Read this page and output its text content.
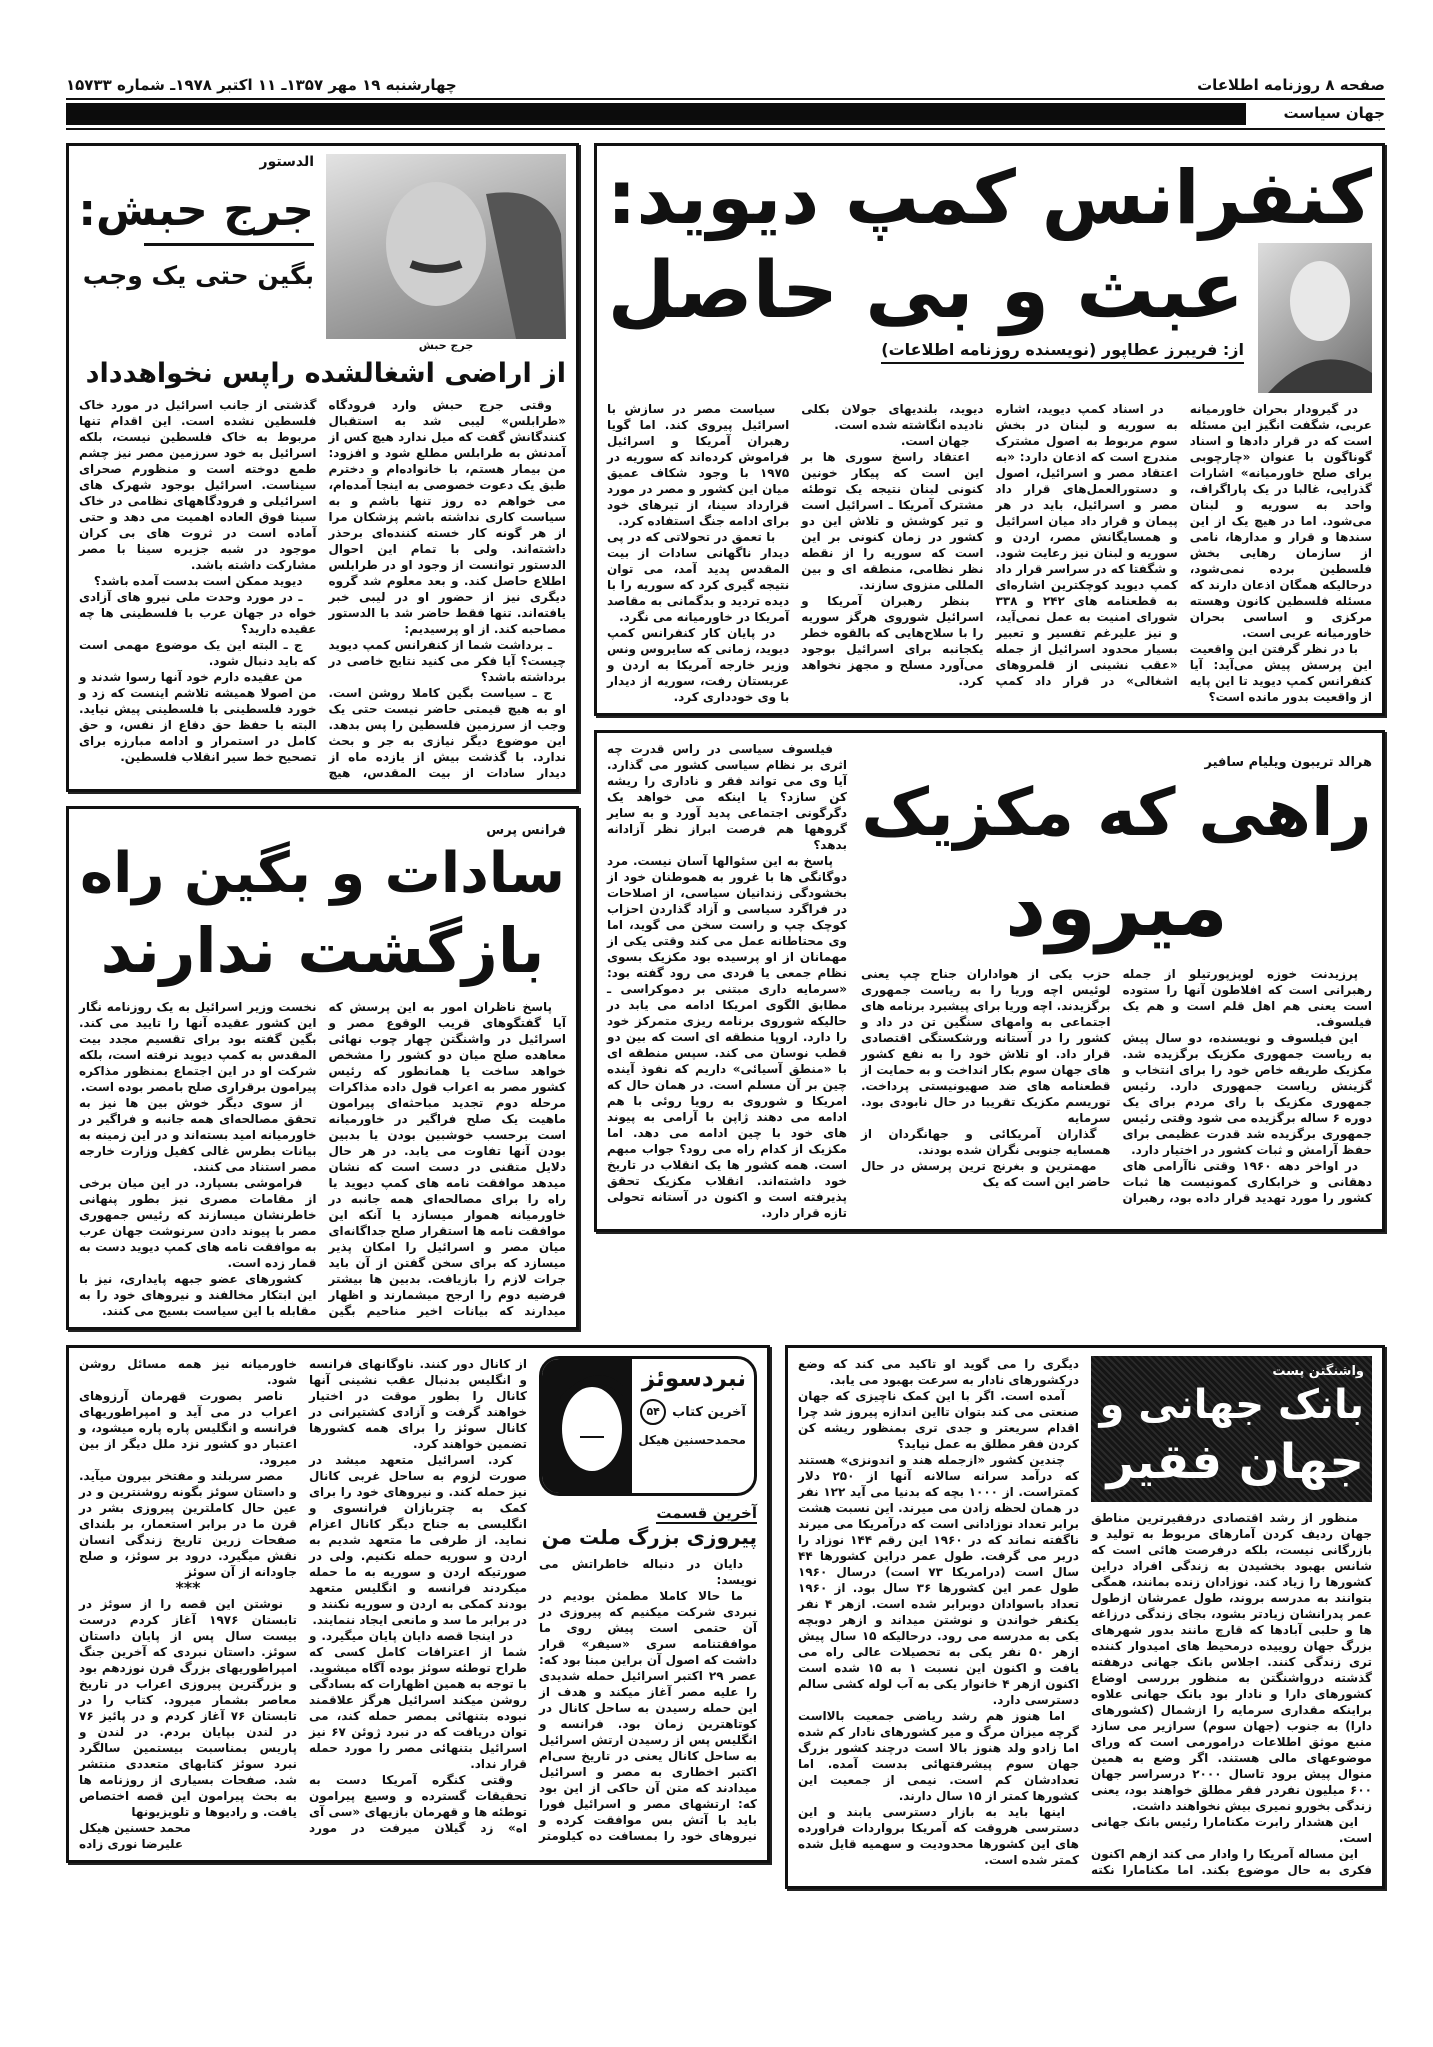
صفحه ۸ روزنامه اطلاعات
چهارشنبه ۱۹ مهر ۱۳۵۷ـ ۱۱ اکتبر ۱۹۷۸ـ شماره ۱۵۷۳۳
جهان سیاست
کنفرانس کمپ دیوید:
عبث و بی حاصل
از: فریبرز عطاپور (نویسنده روزنامه اطلاعات)

در گیرودار بحران خاورمیانه عربی، شگفت انگیز این مسئله است که در قرار دادها و اسناد گوناگون با عنوان «چارچوبی برای صلح خاورمیانه» اشارات گذرایی، غالبا در یک پاراگراف، واحد به سوریه و لبنان می‌شود. اما در هیچ یک از این سندها و قرار و مدارها، نامی از سازمان رهایی بخش فلسطین برده نمی‌شود، درحالیکه همگان اذعان دارند که مسئله فلسطین کانون وهسته مرکزی و اساسی بحران خاورمیانه عربی است.

با در نظر گرفتن این واقعیت این پرسش پیش می‌آید: آیا کنفرانس کمپ دیوید تا این پایه از واقعیت بدور مانده است؟

در اسناد کمپ دیوید، اشاره به سوریه و لبنان در بخش سوم مربوط به اصول مشترک مندرج است که اذعان دارد: «به اعتقاد مصر و اسرائیل، اصول و دستورالعمل‌های قرار داد مصر و اسرائیل، باید در هر پیمان و قرار داد میان اسرائیل و همسایگانش مصر، اردن و سوریه و لبنان نیز رعایت شود. و شگفتا که در سراسر قرار داد کمپ دیوید کوچکترین اشاره‌ای به قطعنامه های ۲۴۲ و ۳۳۸ شورای امنیت به عمل نمی‌آید، و نیز علیرغم تفسیر و تعبیر بسیار محدود اسرائیل از جمله «عقب نشینی از قلمروهای اشغالی» در قرار داد کمپ دیوید، بلندیهای جولان بکلی نادیده انگاشته شده است.

جهان است.

اعتقاد راسخ سوری ها بر این است که پیکار خونین کنونی لبنان نتیجه یک توطئه مشترک آمریکا ـ اسرائیل است و تیر کوشش و تلاش این دو کشور در زمان کنونی بر این است که سوریه را از نقطه نظر نظامی، منطقه ای و بین المللی منزوی سازند.

بنظر رهبران آمریکا و اسرائیل شوروی هرگز سوریه را با سلاح‌هایی که بالقوه خطر یکجانبه برای اسرائیل بوجود می‌آورد مسلح و مجهز نخواهد کرد.

سیاست مصر در سازش با اسرائیل پیروی کند. اما گویا رهبران آمریکا و اسرائیل فراموش کرده‌اند که سوریه در ۱۹۷۵ با وجود شکاف عمیق میان این کشور و مصر در مورد قرارداد سینا، از تیرهای خود برای ادامه جنگ استفاده کرد.

با تعمق در تحولاتی که در پی دیدار ناگهانی سادات از بیت المقدس پدید آمد، می توان نتیجه گیری کرد که سوریه را با دیده تردید و بدگمانی به مقاصد آمریکا در خاورمیانه می نگرد.

در پایان کار کنفرانس کمپ دیوید، زمانی که سایروس ونس وزیر خارجه آمریکا به اردن و عربستان رفت، سوریه از دیدار با وی خودداری کرد.

هرالد تریبون ویلیام سافیر
راهی که مکزیک
میرود

پرزیدنت خوزه لوپزپورتیلو از جمله رهبرانی است که افلاطون آنها را ستوده است یعنی هم اهل قلم است و هم یک فیلسوف.

این فیلسوف و نویسنده، دو سال پیش به ریاست جمهوری مکزیک برگزیده شد. مکزیک طریقه خاص خود را برای انتخاب و گزینش ریاست جمهوری دارد. رئیس جمهوری مکزیک با رای مردم برای یک دوره ۶ ساله برگزیده می شود وقتی رئیس جمهوری برگزیده شد قدرت عظیمی برای حفظ آرامش و ثبات کشور در اختیار دارد.

در اواخر دهه ۱۹۶۰ وقتی ناآرامی های دهقانی و خرابکاری کمونیست ها ثبات کشور را مورد تهدید قرار داده بود، رهبران حزب یکی از هواداران جناح چپ یعنی لوئیس اچه وریا را به ریاست جمهوری برگزیدند. اچه وریا برای پیشبرد برنامه های اجتماعی به وامهای سنگین تن در داد و کشور را در آستانه ورشکستگی اقتصادی قرار داد. او تلاش خود را به نفع کشور های جهان سوم بکار انداخت و به حمایت از قطعنامه های ضد صهیونیستی پرداخت. توریسم مکزیک تقریبا در حال نابودی بود. سرمایه

گذاران آمریکائی و جهانگردان از همسایه جنوبی نگران شده بودند.

مهمترین و بغرنج ترین پرسش در حال حاضر این است که یک

فیلسوف سیاسی در راس قدرت چه اثری بر نظام سیاسی کشور می گذارد. آیا وی می تواند فقر و ناداری را ریشه کن سازد؟ یا اینکه می خواهد یک دگرگونی اجتماعی پدید آورد و به سایر گروهها هم فرصت ابراز نظر آزادانه بدهد؟

پاسخ به این سئوالها آسان نیست. مرد دوگانگی ها با غرور به هموطنان خود از بخشودگی زندانیان سیاسی، از اصلاحات در فراگرد سیاسی و آزاد گذاردن احزاب کوچک چپ و راست سخن می گوید، اما وی محتاطانه عمل می کند وقتی یکی از مهمانان از او پرسیده بود مکزیک بسوی نظام جمعی یا فردی می رود گفته بود: «سرمایه داری مبتنی بر دموکراسی ـ مطابق الگوی امریکا ادامه می یابد در حالیکه شوروی برنامه ریزی متمرکز خود را دارد. اروپا منطقه ای است که بین دو قطب نوسان می کند. سپس منطقه ای با «منطق آسیائی» داریم که نفوذ آینده چین بر آن مسلم است. در همان حال که امریکا و شوروی به رویا روئی با هم ادامه می دهند ژاپن با آرامی به پیوند های خود با چین ادامه می دهد. اما مکزیک از کدام راه می رود؟ جواب مبهم است. همه کشور ها یک انقلاب در تاریخ خود داشته‌اند. انقلاب مکزیک تحقق پذیرفته است و اکنون در آستانه تحولی تازه قرار دارد.

جرج حبش
الدستور
جرج حبش:
بگین حتی یک وجب
از اراضی اشغالشده راپس نخواهدداد

وقتی جرج حبش وارد فرودگاه «طرابلس» لیبی شد به استقبال کنندگانش گفت که میل ندارد هیچ کس از آمدنش به طرابلس مطلع شود و افزود: من بیمار هستم، با خانواده‌ام و دخترم طبق یک دعوت خصوصی به اینجا آمده‌ام، می خواهم ده روز تنها باشم و به سیاست کاری نداشته باشم پزشکان مرا از هر گونه کار خسته کننده‌ای برحذر داشته‌اند. ولی با تمام این احوال الدستور توانست از وجود او در طرابلس اطلاع حاصل کند. و بعد معلوم شد گروه دیگری نیز از حضور او در لیبی خبر یافته‌اند. تنها فقط حاضر شد با الدستور مصاحبه کند. از او پرسیدیم:

ـ برداشت شما از کنفرانس کمپ دیوید چیست؟ آیا فکر می کنید نتایج خاصی در برداشته باشد؟

ج ـ سیاست بگین کاملا روشن است. او به هیچ قیمتی حاضر نیست حتی یک وجب از سرزمین فلسطین را پس بدهد. این موضوع دیگر نیازی به جر و بحث ندارد. با گذشت بیش از یازده ماه از دیدار سادات از بیت المقدس، هیچ گذشتی از جانب اسرائیل در مورد خاک فلسطین نشده است. این اقدام تنها مربوط به خاک فلسطین نیست، بلکه اسرائیل به خود سرزمین مصر نیز چشم طمع دوخته است و منظورم صحرای سیناست. اسرائیل بوجود شهرک های اسرائیلی و فرودگاههای نظامی در خاک سینا فوق العاده اهمیت می دهد و حتی آماده است در ثروت های بی کران موجود در شبه جزیره سینا با مصر مشارکت داشته باشد.

دیوید ممکن است بدست آمده باشد؟

ـ در مورد وحدت ملی نیرو های آزادی خواه در جهان عرب با فلسطینی ها چه عقیده دارید؟

ج ـ البته این یک موضوع مهمی است که باید دنبال شود.

من عقیده دارم خود آنها رسوا شدند و من اصولا همیشه تلاشم اینست که زد و خورد فلسطینی با فلسطینی پیش نیاید. البته با حفظ حق دفاع از نفس، و حق کامل در استمرار و ادامه مبارزه برای تصحیح خط سیر انقلاب فلسطین.

فرانس پرس
سادات و بگین راه
بازگشت ندارند

پاسخ ناظران امور به این پرسش که آیا گفتگوهای قریب الوقوع مصر و اسرائیل در واشنگتن چهار چوب نهائی معاهده صلح میان دو کشور را مشخص خواهد ساخت یا همانطور که رئیس کشور مصر به اعراب قول داده مذاکرات مرحله دوم تجدید مباحثه‌ای پیرامون ماهیت یک صلح فراگیر در خاورمیانه است برحسب خوشبین بودن یا بدبین بودن آنها تفاوت می یابد. در هر حال دلایل متقنی در دست است که نشان میدهد موافقت نامه های کمپ دیوید یا راه را برای مصالحه‌ای همه جانبه در خاورمیانه هموار میسازد یا آنکه این موافقت نامه ها استقرار صلح جداگانه‌ای میان مصر و اسرائیل را امکان پذیر میسازد که برای سخن گفتن از آن باید جرات لازم را بازیافت. بدبین ها بیشتر فرضیه دوم را ارجح میشمارند و اظهار میدارند که بیانات اخیر مناحیم بگین نخست وزیر اسرائیل به یک روزنامه نگار این کشور عقیده آنها را تایید می کند. بگین گفته بود برای تقسیم مجدد بیت المقدس به کمپ دیوید نرفته است، بلکه شرکت او در این اجتماع بمنظور مذاکره پیرامون برقراری صلح بامصر بوده است.

از سوی دیگر خوش بین ها نیز به تحقق مصالحه‌ای همه جانبه و فراگیر در خاورمیانه امید بسته‌اند و در این زمینه به بیانات بطرس غالی کفیل وزارت خارجه مصر استناد می کنند.

فراموشی بسپارد. در این میان برخی از مقامات مصری نیز بطور پنهانی خاطرنشان میسازند که رئیس جمهوری مصر با پیوند دادن سرنوشت جهان عرب به موافقت نامه های کمپ دیوید دست به قمار زده است.

کشورهای عضو جبهه پایداری، نیز با این ابتکار مخالفند و نیروهای خود را به مقابله با این سیاست بسیج می کنند.

واشنگتن پست
بانک جهانی و
جهان فقیر

منظور از رشد اقتصادی درفقیرترین مناطق جهان ردیف کردن آمارهای مربوط به تولید و بازرگانی نیست، بلکه درفرصت هائی است که شانس بهبود بخشیدن به زندگی افراد دراین کشورها را زیاد کند. نوزادان زنده بمانند، همگی بتوانند به مدرسه بروند، طول عمرشان ازطول عمر پدرانشان زیادتر بشود، بجای زندگی درزاغه ها و حلبی آبادها که قارچ مانند بدور شهرهای بزرگ جهان روییده درمحیط های امیدوار کننده تری زندگی کنند. اجلاس بانک جهانی درهفته گذشته درواشنگتن به منظور بررسی اوضاع کشورهای دارا و نادار بود بانک جهانی علاوه براینکه مقداری سرمایه را ازشمال (کشورهای دارا) به جنوب (جهان سوم) سرازیر می سازد منبع موثق اطلاعات درامورمی است که ورای موضوعهای مالی هستند. اگر وضع به همین منوال پیش برود تاسال ۲۰۰۰ درسراسر جهان ۶۰۰ میلیون نفردر فقر مطلق خواهند بود، یعنی زندگی بخورو نمیری بیش نخواهند داشت.

این هشدار رابرت مکنامارا رئیس بانک جهانی است.

این مساله آمریکا را وادار می کند ازهم اکنون فکری به حال موضوع بکند. اما مکنامارا نکته دیگری را می گوید او تاکید می کند که وضع درکشورهای نادار به سرعت بهبود می یابد.

آمده است. اگر با این کمک ناچیزی که جهان صنعتی می کند بتوان تااین اندازه پیروز شد چرا اقدام سریعتر و جدی تری بمنظور ریشه کن کردن فقر مطلق به عمل نیاید؟

چندین کشور «ازجمله هند و اندونزی» هستند که درآمد سرانه سالانه آنها از ۲۵۰ دلار کمتراست. از ۱۰۰۰ بچه که بدنیا می آید ۱۲۲ نفر در همان لحظه زادن می میرند. این نسبت هشت برابر تعداد نوزادانی است که درآمریکا می میرند ناگفته نماند که در ۱۹۶۰ این رقم ۱۴۴ نوزاد را دربر می گرفت. طول عمر دراین کشورها ۴۴ سال است (درامریکا ۷۳ است) درسال ۱۹۶۰ طول عمر این کشورها ۳۶ سال بود. از ۱۹۶۰ تعداد باسوادان دوبرابر شده است. ازهر ۴ نفر یکنفر خواندن و نوشتن میداند و ازهر دوبچه یکی به مدرسه می رود. درحالیکه ۱۵ سال پیش ازهر ۵۰ نفر یکی به تحصیلات عالی راه می یافت و اکنون این نسبت ۱ به ۱۵ شده است اکنون ازهر ۴ خانوار یکی به آب لوله کشی سالم دسترسی دارد.

اما هنوز هم رشد ریاضی جمعیت بالااست گرچه میزان مرگ و میر کشورهای نادار کم شده اما زادو ولد هنوز بالا است درچند کشور بزرگ جهان سوم پیشرفتهائی بدست آمده. اما تعدادشان کم است. نیمی از جمعیت این کشورها کمتر از ۱۵ سال دارند.

اینها باید به بازار دسترسی یابند و این دسترسی هروقت که آمریکا برواردات فراورده های این کشورها محدودیت و سهمیه قایل شده کمتر شده است.

نبردسوئز
آخرین کتاب
۵۴
محمدحسنین هیکل
آخرین قسمت
پیروزی بزرگ ملت من

دایان در دنباله خاطراتش می نویسد:

ما حالا کاملا مطمئن بودیم در نبردی شرکت میکنیم که پیروزی در آن حتمی است پیش روی ما موافقتنامه سری «سیفر» قرار داشت که اصول آن براین مبنا بود که: عصر ۲۹ اکتبر اسرائیل حمله شدیدی را علیه مصر آغاز میکند و هدف از این حمله رسیدن به ساحل کانال در کوتاهترین زمان بود. فرانسه و انگلیس پس از رسیدن ارتش اسرائیل به ساحل کانال یعنی در تاریخ سی‌ام اکتبر اخطاری به مصر و اسرائیل میدادند که متن آن حاکی از این بود که: ارتشهای مصر و اسرائیل فورا باید با آتش بس موافقت کرده و نیروهای خود را بمسافت ده کیلومتر از کانال دور کنند. ناوگانهای فرانسه و انگلیس بدنبال عقب نشینی آنها کانال را بطور موقت در اختیار خواهند گرفت و آزادی کشتیرانی در کانال سوئز را برای همه کشورها تضمین خواهند کرد.

کرد. اسرائیل متعهد میشد در صورت لزوم به ساحل غربی کانال نیز حمله کند. و نیروهای خود را برای کمک به چتربازان فرانسوی و انگلیسی به جناح دیگر کانال اعزام نماید. از طرفی ما متعهد شدیم به اردن و سوریه حمله نکنیم. ولی در صورتیکه اردن و سوریه به ما حمله میکردند فرانسه و انگلیس متعهد بودند کمکی به اردن و سوریه نکنند و در برابر ما سد و مانعی ایجاد ننمایند.

در اینجا قصه دایان پایان میگیرد. و شما از اعترافات کامل کسی که طراح توطئه سوئز بوده آگاه میشوید. با توجه به همین اظهارات که بسادگی روشن میکند اسرائیل هرگز علاقمند نبوده بتنهائی بمصر حمله کند، می توان دریافت که در نبرد ژوئن ۶۷ نیز اسرائیل بتنهائی مصر را مورد حمله قرار نداد.

وقتی کنگره آمریکا دست به تحقیقات گسترده و وسیع پیرامون توطئه ها و قهرمان بازیهای «سی آی اه» زد گیلان میرفت در مورد خاورمیانه نیز همه مسائل روشن شود.

ناصر بصورت قهرمان آرزوهای اعراب در می آید و امپراطوریهای فرانسه و انگلیس پاره پاره میشود، و اعتبار دو کشور نزد ملل دیگر از بین میرود.

مصر سربلند و مفتخر بیرون میآید. و داستان سوئز بگونه روشنترین و در عین حال کاملترین پیروزی بشر در قرن ما در برابر استعمار، بر بلندای صفحات زرین تاریخ زندگی انسان نقش میگیرد. درود بر سوئز، و صلح جاودانه از آن سوئز

***

نوشتن این قصه را از سوئز در تابستان ۱۹۷۶ آغاز کردم درست بیست سال پس از پایان داستان سوئز. داستان نبردی که آخرین جنگ امپراطوریهای بزرگ قرن نوزدهم بود و بزرگترین پیروزی اعراب در تاریخ معاصر بشمار میرود. کتاب را در تابستان ۷۶ آغاز کردم و در پائیز ۷۶ در لندن بپایان بردم. در لندن و پاریس بمناسبت بیستمین سالگرد نبرد سوئز کتابهای متعددی منتشر شد. صفحات بسیاری از روزنامه ها به بحث پیرامون این قصه اختصاص یافت. و رادیوها و تلویزیونها

محمد حسنین هیکل

علیرضا نوری زاده
